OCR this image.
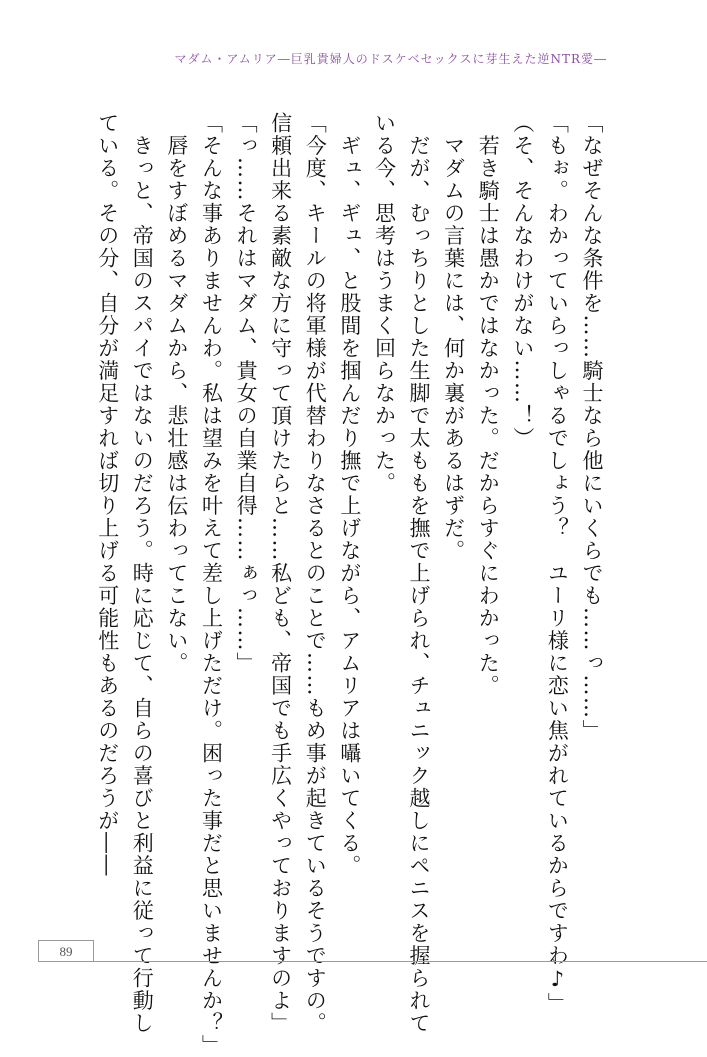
マダム・アムリア―巨乳貴婦人のドスケベセックスに芽生えた逆NTR愛―

「なぜそんな条件を……騎士なら他にいくらでも……っ……」

「もぉ。わかっていらっしゃるでしょう？　ユーリ様に恋い焦がれているからですわ♪」

（そ、そんなわけがない……！）

　若き騎士は愚かではなかった。だからすぐにわかった。

　マダムの言葉には、何か裏があるはずだ。

　だが、むっちりとした生脚で太ももを撫で上げられ、チュニック越しにペニスを握られて

いる今、思考はうまく回らなかった。

　ギュ、ギュ、と股間を掴んだり撫で上げながら、アムリアは囁いてくる。

「今度、キールの将軍様が代替わりなさるとのことで……もめ事が起きているそうですの。

信頼出来る素敵な方に守って頂けたらと……私ども、帝国でも手広くやっておりますのよ」

「っ……それはマダム、貴女の自業自得……ぁっ……」

「そんな事ありませんわ。私は望みを叶えて差し上げただけ。困った事だと思いませんか？」

　唇をすぼめるマダムから、悲壮感は伝わってこない。

　きっと、帝国のスパイではないのだろう。時に応じて、自らの喜びと利益に従って行動し

ている。その分、自分が満足すれば切り上げる可能性もあるのだろうが――

89
